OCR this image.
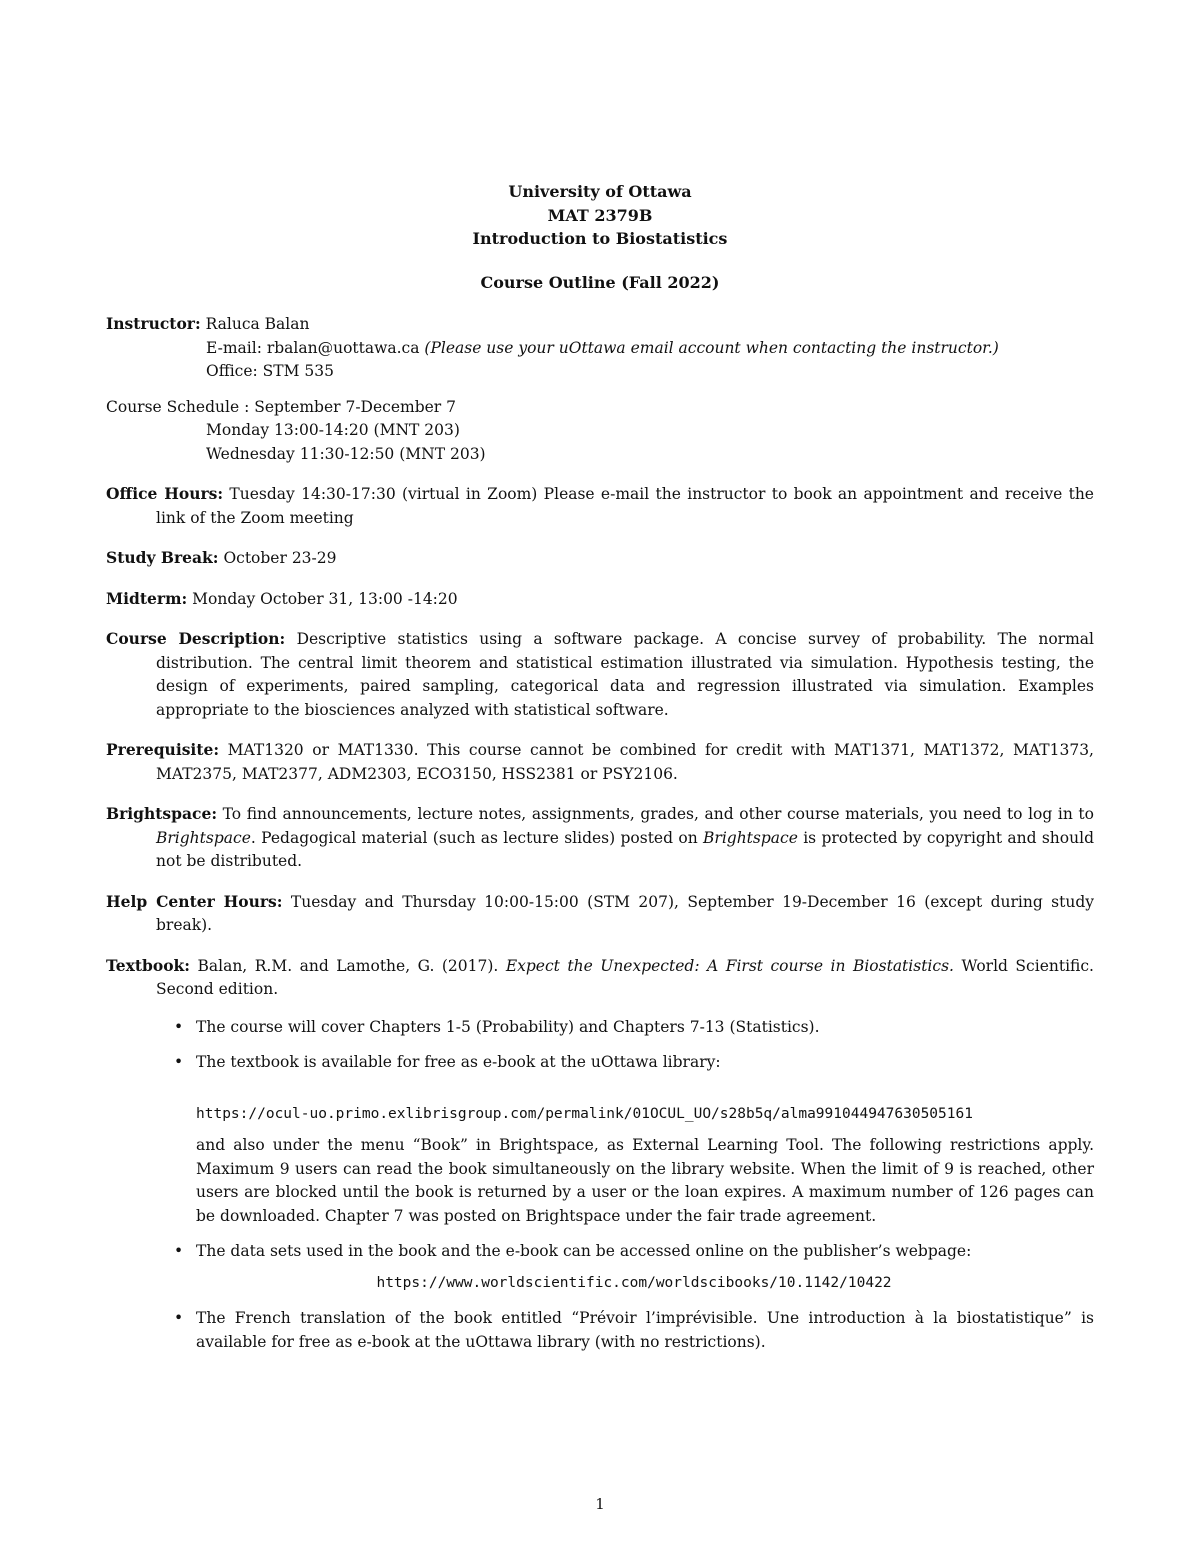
University of Ottawa
MAT 2379B
Introduction to Biostatistics
Course Outline (Fall 2022)
Instructor: Raluca Balan
E-mail: rbalan@uottawa.ca (Please use your uOttawa email account when contacting the instructor.)
Office: STM 535
Course Schedule : September 7-December 7
Monday 13:00-14:20 (MNT 203)
Wednesday 11:30-12:50 (MNT 203)
Office Hours: Tuesday 14:30-17:30 (virtual in Zoom) Please e-mail the instructor to book an appointment and receive the link of the Zoom meeting
Study Break: October 23-29
Midterm: Monday October 31, 13:00 -14:20
Course Description: Descriptive statistics using a software package. A concise survey of probability. The normal distribution. The central limit theorem and statistical estimation illustrated via simulation. Hypothesis testing, the design of experiments, paired sampling, categorical data and regression illustrated via simulation. Examples appropriate to the biosciences analyzed with statistical software.
Prerequisite: MAT1320 or MAT1330. This course cannot be combined for credit with MAT1371, MAT1372, MAT1373, MAT2375, MAT2377, ADM2303, ECO3150, HSS2381 or PSY2106.
Brightspace: To find announcements, lecture notes, assignments, grades, and other course materials, you need to log in to Brightspace. Pedagogical material (such as lecture slides) posted on Brightspace is protected by copyright and should not be distributed.
Help Center Hours: Tuesday and Thursday 10:00-15:00 (STM 207), September 19-December 16 (except during study break).
Textbook: Balan, R.M. and Lamothe, G. (2017). Expect the Unexpected: A First course in Biostatistics. World Scientific. Second edition.
• The course will cover Chapters 1-5 (Probability) and Chapters 7-13 (Statistics).
• The textbook is available for free as e-book at the uOttawa library:
https://ocul-uo.primo.exlibrisgroup.com/permalink/01OCUL_UO/s28b5q/alma991044947630505161
and also under the menu “Book” in Brightspace, as External Learning Tool. The following restrictions apply. Maximum 9 users can read the book simultaneously on the library website. When the limit of 9 is reached, other users are blocked until the book is returned by a user or the loan expires. A maximum number of 126 pages can be downloaded. Chapter 7 was posted on Brightspace under the fair trade agreement.
• The data sets used in the book and the e-book can be accessed online on the publisher’s webpage:
https://www.worldscientific.com/worldscibooks/10.1142/10422
• The French translation of the book entitled “Prévoir l’imprévisible. Une introduction à la biostatistique” is available for free as e-book at the uOttawa library (with no restrictions).
1
